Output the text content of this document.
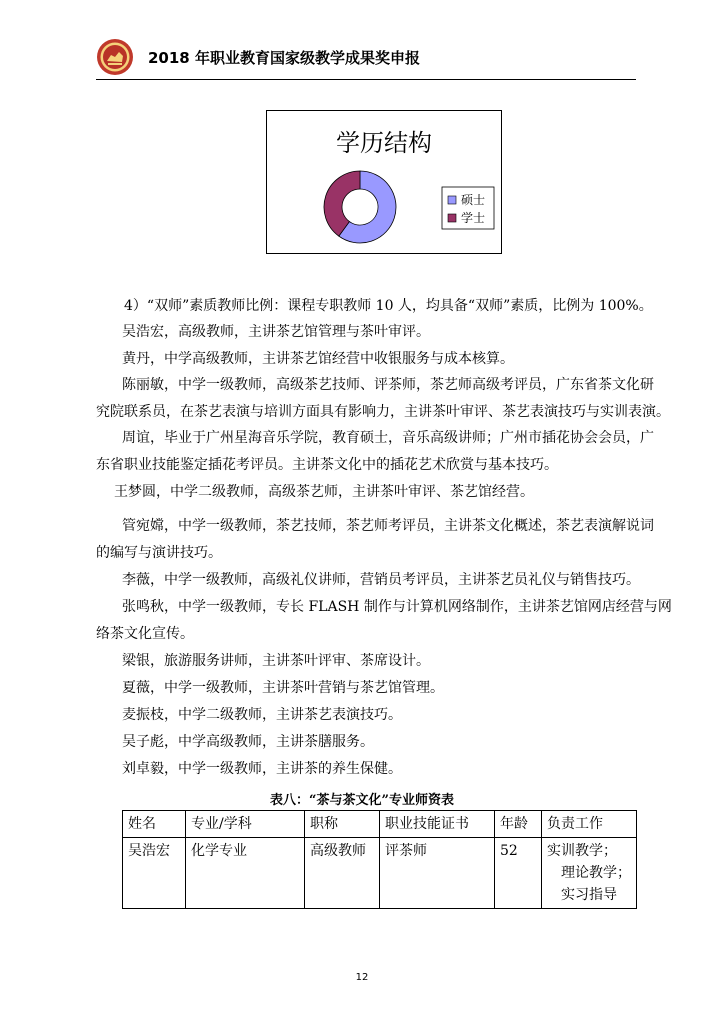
2018 年职业教育国家级教学成果奖申报
学历结构
硕士
学士
4）“双师”素质教师比例：课程专职教师 10 人，均具备“双师”素质，比例为 100%。
吴浩宏，高级教师，主讲茶艺馆管理与茶叶审评。
黄丹，中学高级教师，主讲茶艺馆经营中收银服务与成本核算。
陈丽敏，中学一级教师，高级茶艺技师、评茶师，茶艺师高级考评员，广东省茶文化研
究院联系员，在茶艺表演与培训方面具有影响力，主讲茶叶审评、茶艺表演技巧与实训表演。
周谊，毕业于广州星海音乐学院，教育硕士，音乐高级讲师；广州市插花协会会员，广
东省职业技能鉴定插花考评员。主讲茶文化中的插花艺术欣赏与基本技巧。
王梦圆，中学二级教师，高级茶艺师，主讲茶叶审评、茶艺馆经营。
管宛嫦，中学一级教师，茶艺技师，茶艺师考评员，主讲茶文化概述，茶艺表演解说词
的编写与演讲技巧。
李薇，中学一级教师，高级礼仪讲师，营销员考评员，主讲茶艺员礼仪与销售技巧。
张鸣秋，中学一级教师，专长 FLASH 制作与计算机网络制作，主讲茶艺馆网店经营与网
络茶文化宣传。
梁银，旅游服务讲师，主讲茶叶评审、茶席设计。
夏薇，中学一级教师，主讲茶叶营销与茶艺馆管理。
麦振枝，中学二级教师，主讲茶艺表演技巧。
吴子彪，中学高级教师，主讲茶膳服务。
刘卓毅，中学一级教师，主讲茶的养生保健。
表八：“茶与茶文化”专业师资表
姓名	专业/学科	职称	职业技能证书	年龄	负责工作
吴浩宏	化学专业	高级教师	评茶师	52	实训教学；
理论教学；
实习指导
12
